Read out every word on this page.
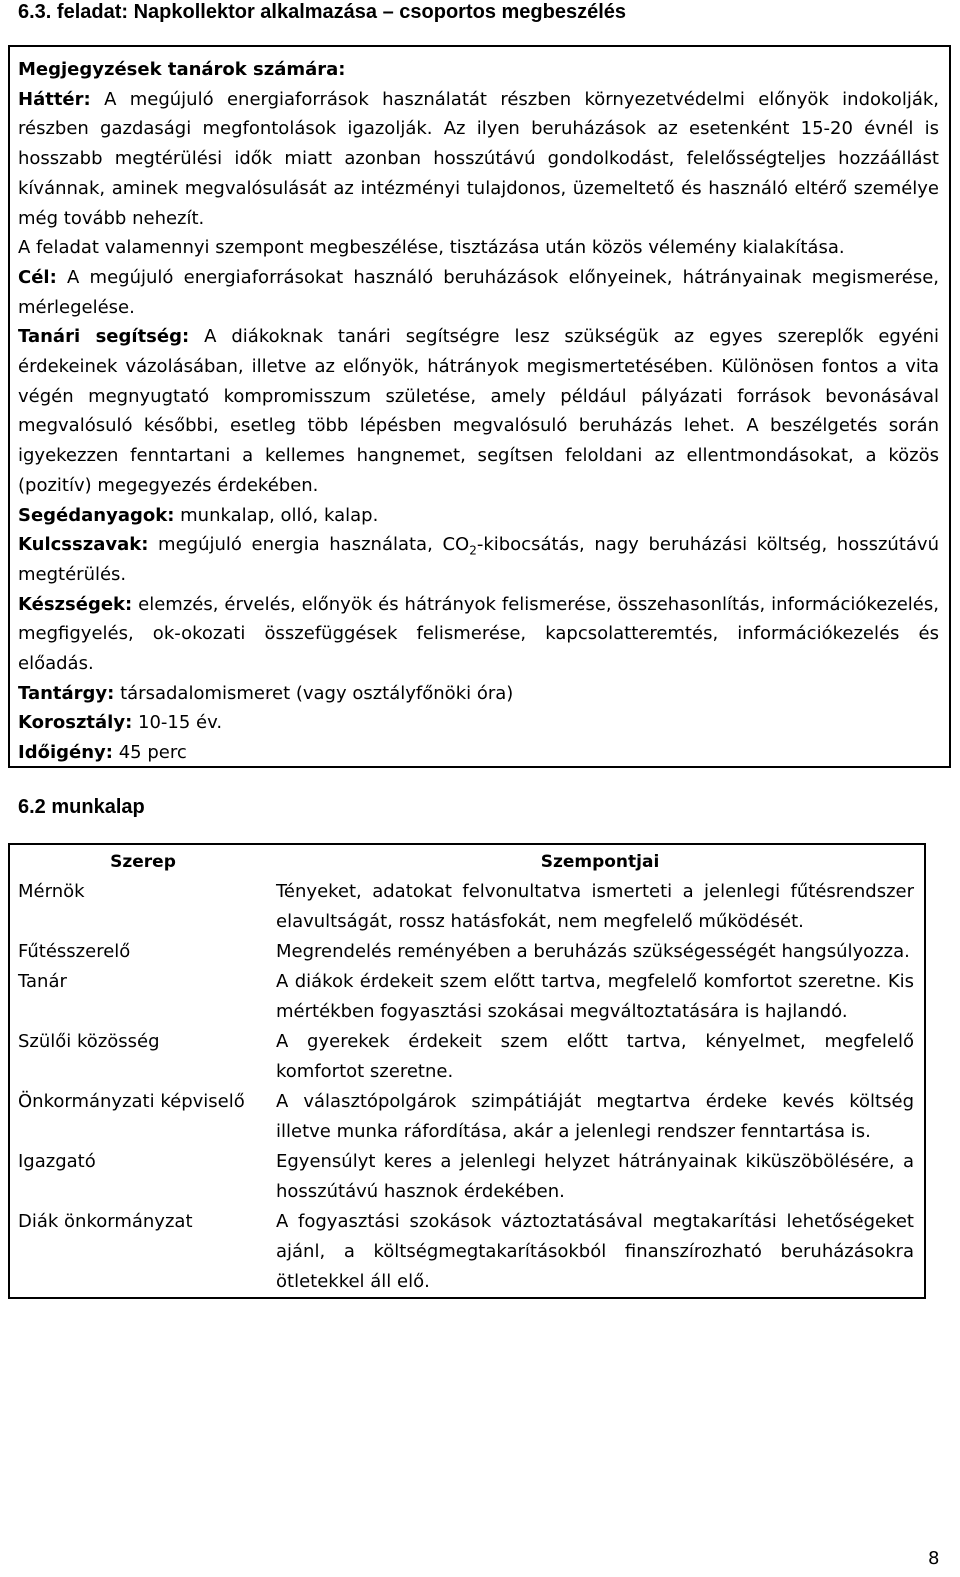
6.3. feladat: Napkollektor alkalmazása – csoportos megbeszélés

Megjegyzések tanárok számára:

Háttér: A megújuló energiaforrások használatát részben környezetvédelmi előnyök indokolják, részben gazdasági megfontolások igazolják. Az ilyen beruházások az esetenként 15-20 évnél is hosszabb megtérülési idők miatt azonban hosszútávú gondolkodást, felelősségteljes hozzáállást kívánnak, aminek megvalósulását az intézményi tulajdonos, üzemeltető és használó eltérő személye még tovább nehezít.

A feladat valamennyi szempont megbeszélése, tisztázása után közös vélemény kialakítása.

Cél: A megújuló energiaforrásokat használó beruházások előnyeinek, hátrányainak megismerése, mérlegelése.

Tanári segítség: A diákoknak tanári segítségre lesz szükségük az egyes szereplők egyéni érdekeinek vázolásában, illetve az előnyök, hátrányok megismertetésében. Különösen fontos a vita végén megnyugtató kompromisszum születése, amely például pályázati források bevonásával megvalósuló későbbi, esetleg több lépésben megvalósuló beruházás lehet. A beszélgetés során igyekezzen fenntartani a kellemes hangnemet, segítsen feloldani az ellentmondásokat, a közös (pozitív) megegyezés érdekében.

Segédanyagok: munkalap, olló, kalap.

Kulcsszavak: megújuló energia használata, $CO_2$-kibocsátás, nagy beruházási költség, hosszútávú megtérülés.

Készségek: elemzés, érvelés, előnyök és hátrányok felismerése, összehasonlítás, információkezelés, megfigyelés, ok-okozati összefüggések felismerése, kapcsolatteremtés, információkezelés és előadás.

Tantárgy: társadalomismeret (vagy osztályfőnöki óra)

Korosztály: 10-15 év.

Időigény: 45 perc

6.2 munkalap
Szerep	Szempontjai
Mérnök	Tényeket, adatokat felvonultatva ismerteti a jelenlegi fűtésrendszer elavultságát, rossz hatásfokát, nem megfelelő működését.
Fűtésszerelő	Megrendelés reményében a beruházás szükségességét hangsúlyozza.
Tanár	A diákok érdekeit szem előtt tartva, megfelelő komfortot szeretne. Kis mértékben fogyasztási szokásai megváltoztatására is hajlandó.
Szülői közösség	A gyerekek érdekeit szem előtt tartva, kényelmet, megfelelő komfortot szeretne.
Önkormányzati képviselő	A választópolgárok szimpátiáját megtartva érdeke kevés költség illetve munka ráfordítása, akár a jelenlegi rendszer fenntartása is.
Igazgató	Egyensúlyt keres a jelenlegi helyzet hátrányainak kiküszöbölésére, a hosszútávú hasznok érdekében.
Diák önkormányzat	A fogyasztási szokások váztoztatásával megtakarítási lehetőségeket ajánl, a költségmegtakarításokból finanszírozható beruházásokra ötletekkel áll elő.
8
